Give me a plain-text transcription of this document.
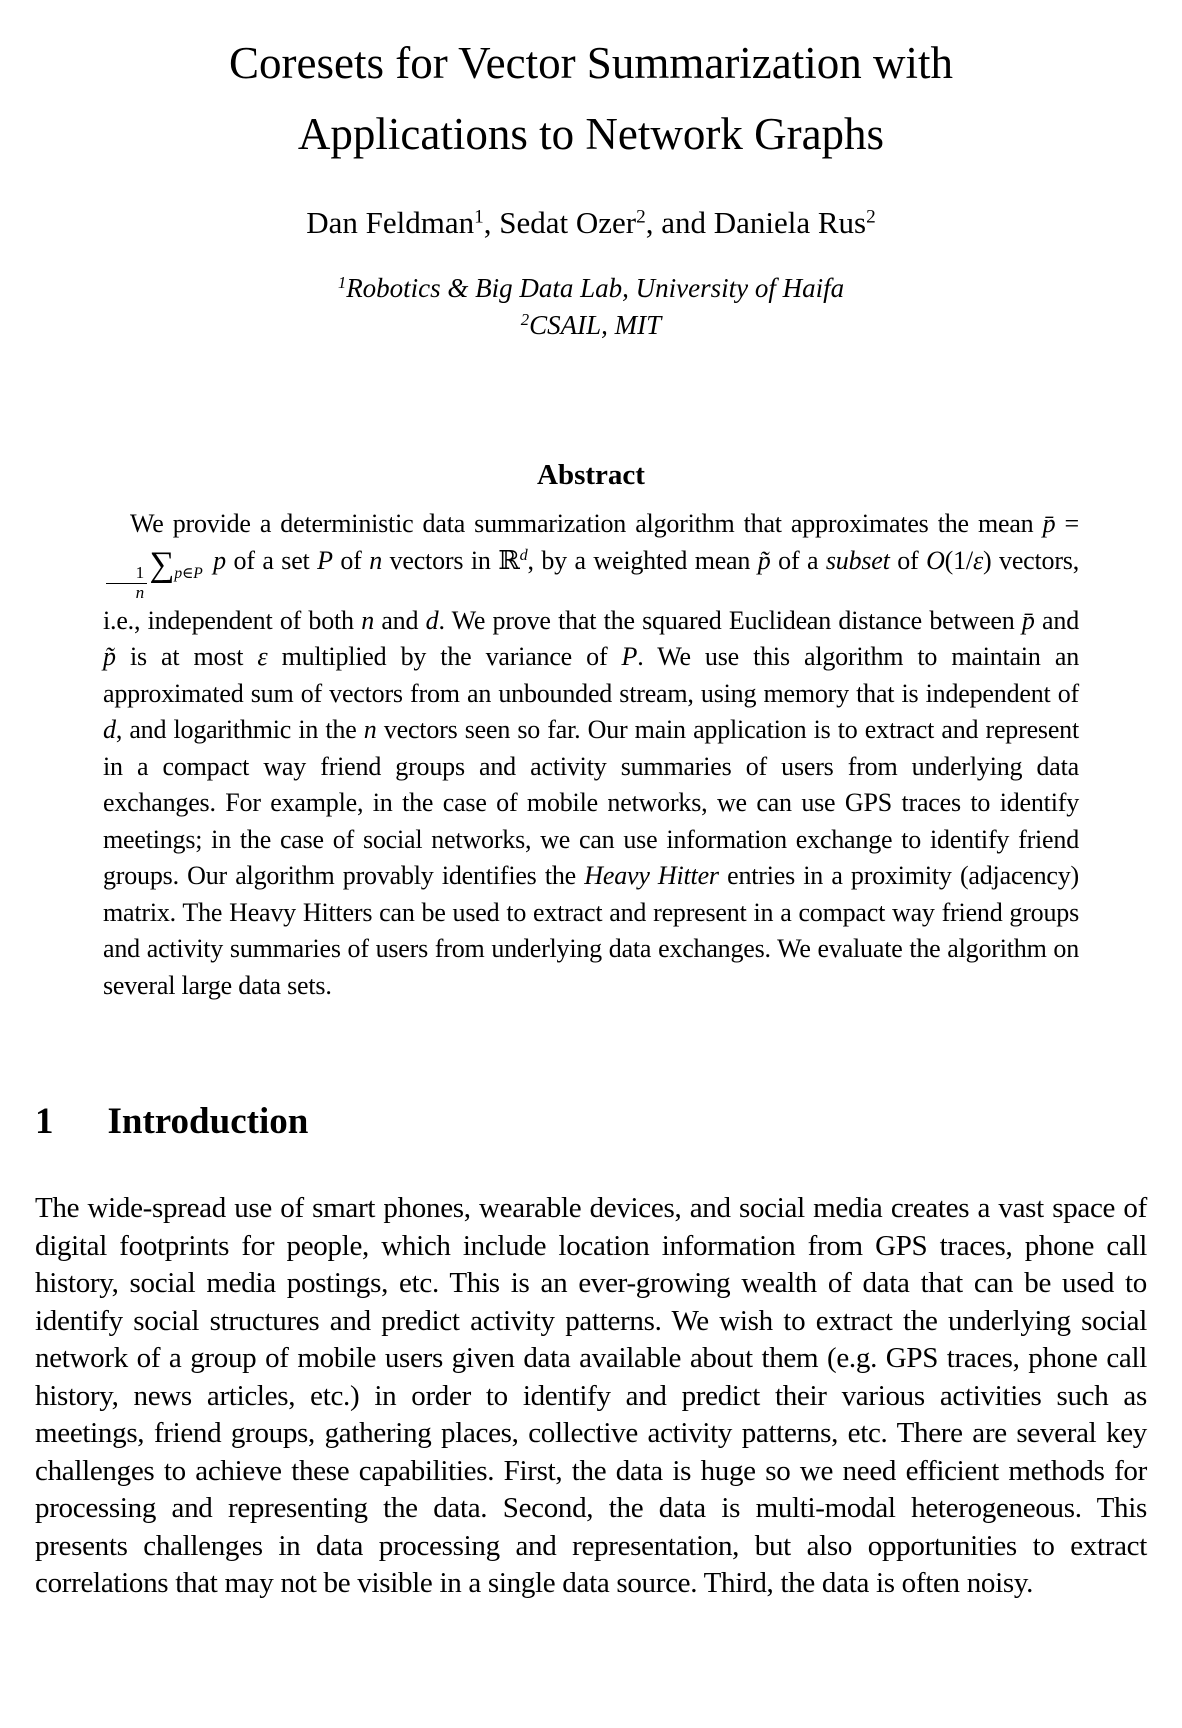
Coresets for Vector Summarization with
Applications to Network Graphs
Dan Feldman$^1$, Sedat Ozer$^2$, and Daniela Rus$^2$
$^1$Robotics & Big Data Lab, University of Haifa
$^2$CSAIL, MIT
Abstract

We provide a deterministic data summarization algorithm that approximates the mean p̄ =
$\frac{1}{n}$
$\sum_{p\in P}$ p of a set P of n vectors in ℝ$^d$, by a weighted mean p̃ of a subset of O(1/ε) vectors, i.e., independent of both n and d. We prove that the squared Euclidean distance between p̄ and p̃ is at most ε multiplied by the variance of P. We use this algorithm to maintain an approximated sum of vectors from an unbounded stream, using memory that is independent of d, and logarithmic in the n vectors seen so far. Our main application is to extract and represent in a compact way friend groups and activity summaries of users from underlying data exchanges. For example, in the case of mobile networks, we can use GPS traces to identify meetings; in the case of social networks, we can use information exchange to identify friend groups. Our algorithm provably identifies the Heavy Hitter entries in a proximity (adjacency) matrix. The Heavy Hitters can be used to extract and represent in a compact way friend groups and activity summaries of users from underlying data exchanges. We evaluate the algorithm on several large data sets.

1 Introduction

The wide-spread use of smart phones, wearable devices, and social media creates a vast space of digital footprints for people, which include location information from GPS traces, phone call history, social media postings, etc. This is an ever-growing wealth of data that can be used to identify social structures and predict activity patterns. We wish to extract the underlying social network of a group of mobile users given data available about them (e.g. GPS traces, phone call history, news articles, etc.) in order to identify and predict their various activities such as meetings, friend groups, gathering places, collective activity patterns, etc. There are several key challenges to achieve these capabilities. First, the data is huge so we need efficient methods for processing and representing the data. Second, the data is multi-modal heterogeneous. This presents challenges in data processing and representation, but also opportunities to extract correlations that may not be visible in a single data source. Third, the data is often noisy.
